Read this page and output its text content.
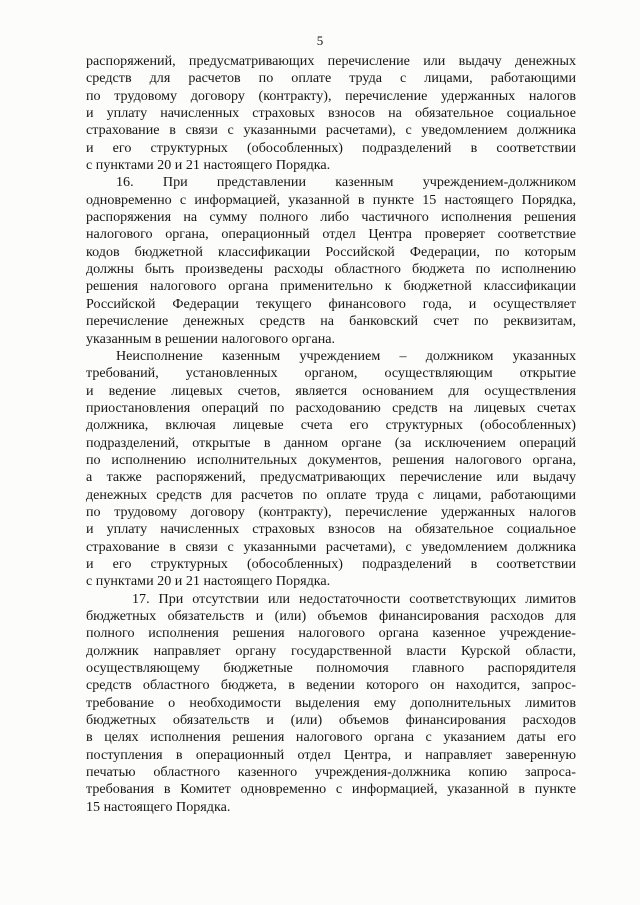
5
распоряжений, предусматривающих перечисление или выдачу денежных
средств для расчетов по оплате труда с лицами, работающими
по трудовому договору (контракту), перечисление удержанных налогов
и уплату начисленных страховых взносов на обязательное социальное
страхование в связи с указанными расчетами), с уведомлением должника
и его структурных (обособленных) подразделений в соответствии
с пунктами 20 и 21 настоящего Порядка.
16. При представлении казенным учреждением-должником
одновременно с информацией, указанной в пункте 15 настоящего Порядка,
распоряжения на сумму полного либо частичного исполнения решения
налогового органа, операционный отдел Центра проверяет соответствие
кодов бюджетной классификации Российской Федерации, по которым
должны быть произведены расходы областного бюджета по исполнению
решения налогового органа применительно к бюджетной классификации
Российской Федерации текущего финансового года, и осуществляет
перечисление денежных средств на банковский счет по реквизитам,
указанным в решении налогового органа.
Неисполнение казенным учреждением – должником указанных
требований, установленных органом, осуществляющим открытие
и ведение лицевых счетов, является основанием для осуществления
приостановления операций по расходованию средств на лицевых счетах
должника, включая лицевые счета его структурных (обособленных)
подразделений, открытые в данном органе (за исключением операций
по исполнению исполнительных документов, решения налогового органа,
а также распоряжений, предусматривающих перечисление или выдачу
денежных средств для расчетов по оплате труда с лицами, работающими
по трудовому договору (контракту), перечисление удержанных налогов
и уплату начисленных страховых взносов на обязательное социальное
страхование в связи с указанными расчетами), с уведомлением должника
и его структурных (обособленных) подразделений в соответствии
с пунктами 20 и 21 настоящего Порядка.
17. При отсутствии или недостаточности соответствующих лимитов
бюджетных обязательств и (или) объемов финансирования расходов для
полного исполнения решения налогового органа казенное учреждение-
должник направляет органу государственной власти Курской области,
осуществляющему бюджетные полномочия главного распорядителя
средств областного бюджета, в ведении которого он находится, запрос-
требование о необходимости выделения ему дополнительных лимитов
бюджетных обязательств и (или) объемов финансирования расходов
в целях исполнения решения налогового органа с указанием даты его
поступления в операционный отдел Центра, и направляет заверенную
печатью областного казенного учреждения-должника копию запроса-
требования в Комитет одновременно с информацией, указанной в пункте
15 настоящего Порядка.
